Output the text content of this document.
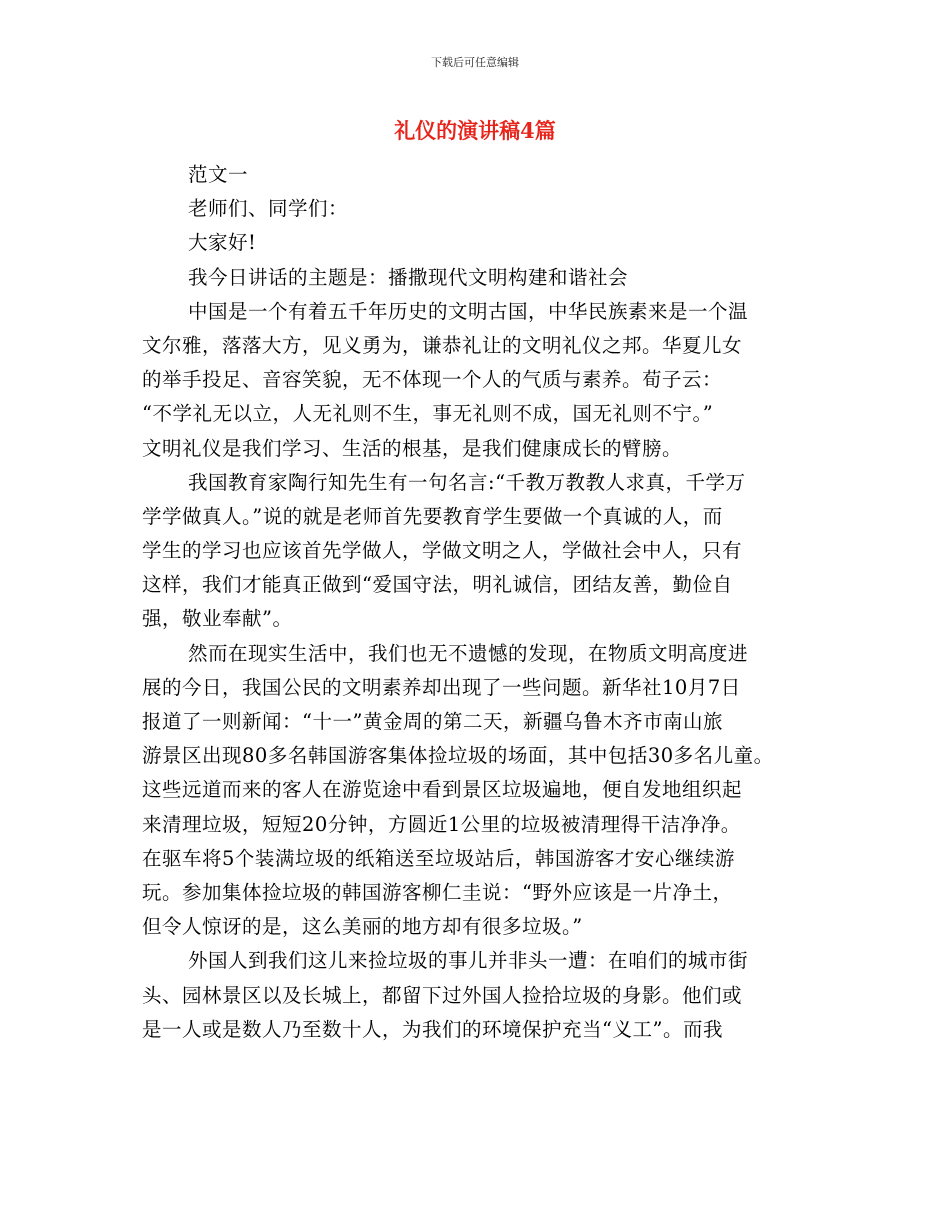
下载后可任意编辑
礼仪的演讲稿4篇
范文一
老师们、同学们：
大家好!
我今日讲话的主题是：播撒现代文明构建和谐社会
中国是一个有着五千年历史的文明古国，中华民族素来是一个温
文尔雅，落落大方，见义勇为，谦恭礼让的文明礼仪之邦。华夏儿女
的举手投足、音容笑貌，无不体现一个人的气质与素养。荀子云：
“不学礼无以立，人无礼则不生，事无礼则不成，国无礼则不宁。”
文明礼仪是我们学习、生活的根基，是我们健康成长的臂膀。
我国教育家陶行知先生有一句名言:“千教万教教人求真，千学万
学学做真人。”说的就是老师首先要教育学生要做一个真诚的人，而
学生的学习也应该首先学做人，学做文明之人，学做社会中人，只有
这样，我们才能真正做到“爱国守法，明礼诚信，团结友善，勤俭自
强，敬业奉献”。
然而在现实生活中，我们也无不遗憾的发现，在物质文明高度进
展的今日，我国公民的文明素养却出现了一些问题。新华社10月7日
报道了一则新闻：“十一”黄金周的第二天，新疆乌鲁木齐市南山旅
游景区出现80多名韩国游客集体捡垃圾的场面，其中包括30多名儿童。
这些远道而来的客人在游览途中看到景区垃圾遍地，便自发地组织起
来清理垃圾，短短20分钟，方圆近1公里的垃圾被清理得干洁净净。
在驱车将5个装满垃圾的纸箱送至垃圾站后，韩国游客才安心继续游
玩。参加集体捡垃圾的韩国游客柳仁圭说：“野外应该是一片净土，
但令人惊讶的是，这么美丽的地方却有很多垃圾。”
外国人到我们这儿来捡垃圾的事儿并非头一遭：在咱们的城市街
头、园林景区以及长城上，都留下过外国人捡拾垃圾的身影。他们或
是一人或是数人乃至数十人，为我们的环境保护充当“义工”。而我
